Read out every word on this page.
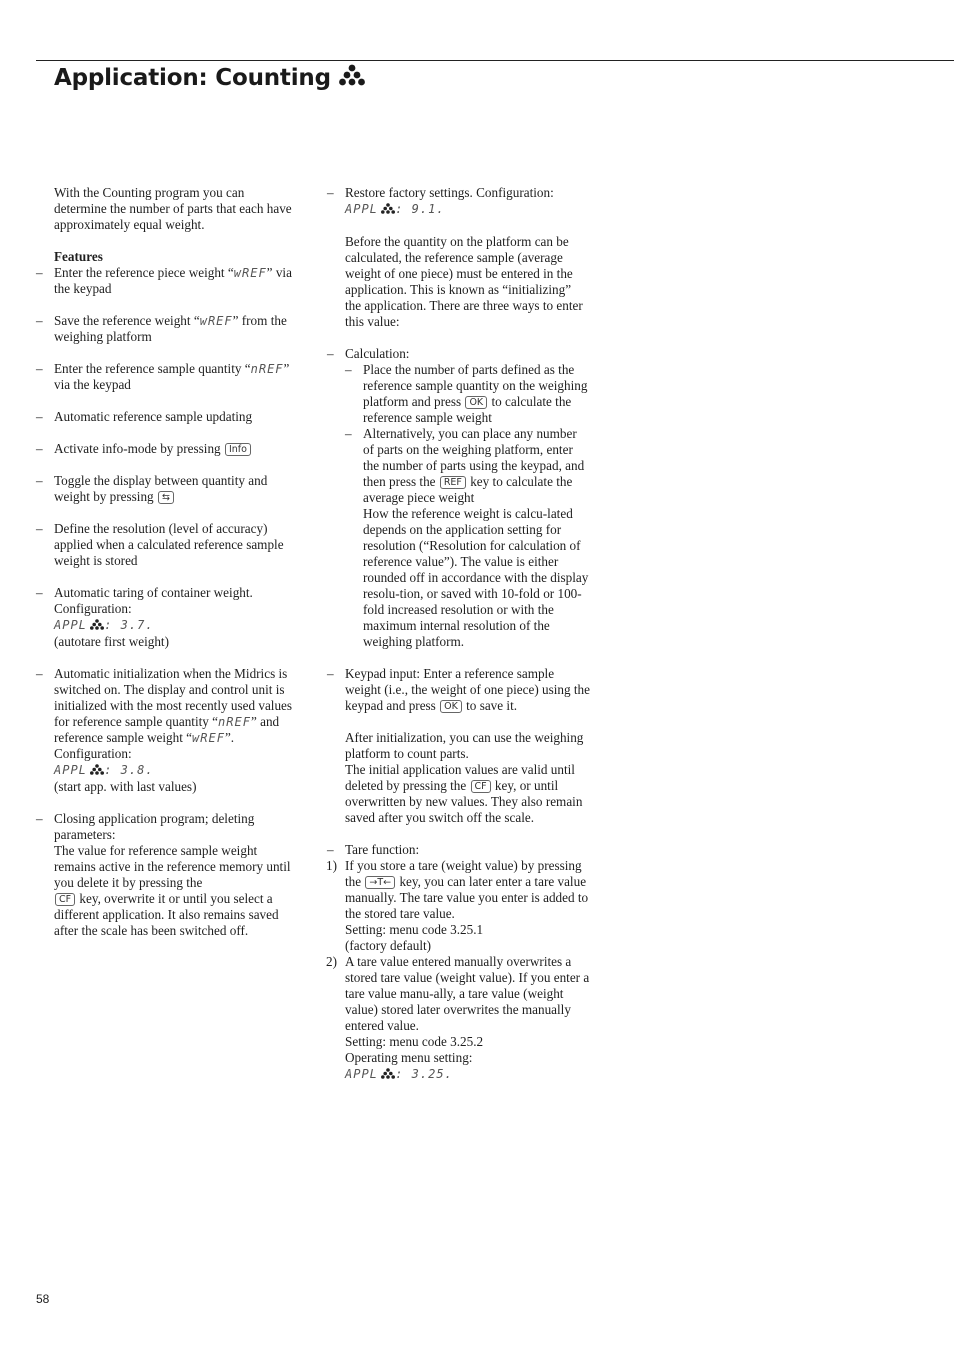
Application: Counting

With the Counting program you can determine the number of parts that each have approximately equal weight.

Features

– Enter the reference piece weight “wREF” via the keypad
– Save the reference weight “wREF” from the weighing platform
– Enter the reference sample quantity “nREF” via the keypad
– Automatic reference sample updating
– Activate info-mode by pressing Info
– Toggle the display between quantity and weight by pressing ⇆
– Define the resolution (level of accuracy) applied when a calculated reference sample weight is stored
– Automatic taring of container weight. Configuration:
APPL : 3.7.
(autotare first weight)
– Automatic initialization when the Midrics is switched on. The display and control unit is initialized with the most recently used values for reference sample quantity “nREF” and reference sample weight “wREF”. Configuration:
APPL : 3.8.
(start app. with last values)
– Closing application program; deleting parameters:
The value for reference sample weight remains active in the reference memory until you delete it by pressing the
CF key, overwrite it or until you select a different application. It also remains saved after the scale has been switched off.
– Restore factory settings. Configuration:
APPL : 9.1.

Before the quantity on the platform can be calculated, the reference sample (average weight of one piece) must be entered in the application. This is known as “initializing” the application. There are three ways to enter this value:

– Calculation:
– Place the number of parts defined as the reference sample quantity on the weighing platform and press OK to calculate the reference sample weight
– Alternatively, you can place any number of parts on the weighing platform, enter the number of parts using the keypad, and then press the REF key to calculate the average piece weight
How the reference weight is calcu-lated depends on the application setting for resolution (“Resolution for calculation of reference value”). The value is either rounded off in accordance with the display resolu-tion, or saved with 10-fold or 100-fold increased resolution or with the maximum internal resolution of the weighing platform.
– Keypad input: Enter a reference sample weight (i.e., the weight of one piece) using the keypad and press OK to save it.

After initialization, you can use the weighing platform to count parts.
The initial application values are valid until deleted by pressing the CF key, or until overwritten by new values. They also remain saved after you switch off the scale.

– Tare function:

1) If you store a tare (weight value) by pressing the →T← key, you can later enter a tare value manually. The tare value you enter is added to the stored tare value.
Setting: menu code 3.25.1
(factory default)
2) A tare value entered manually overwrites a stored tare value (weight value). If you enter a tare value manu-ally, a tare value (weight value) stored later overwrites the manually entered value.
Setting: menu code 3.25.2
Operating menu setting:
APPL : 3.25.
58
